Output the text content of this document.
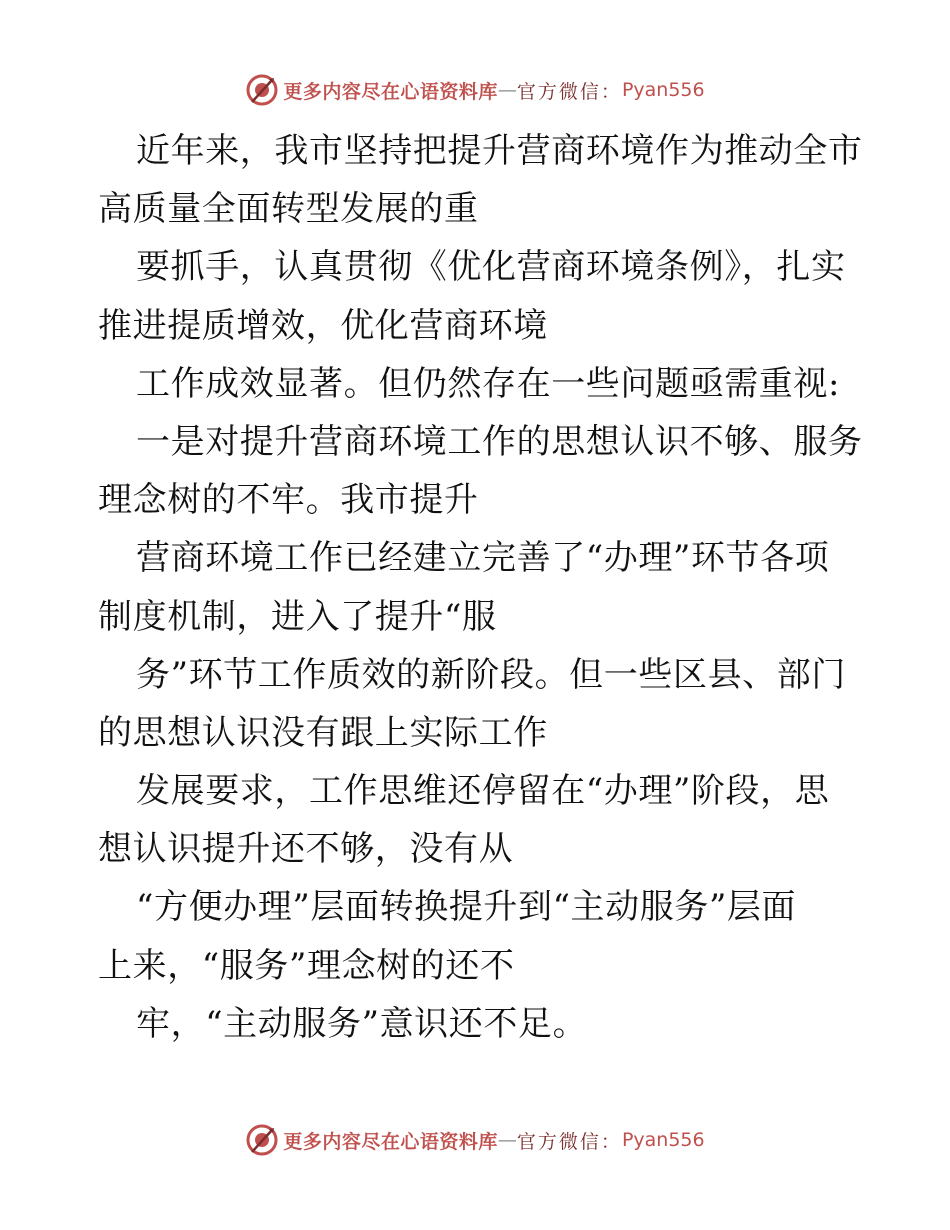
更多内容尽在心语资料库 — 官方微信： Pyan556
近年来，我市坚持把提升营商环境作为推动全市
高质量全面转型发展的重
要抓手，认真贯彻《优化营商环境条例》，扎实
推进提质增效，优化营商环境
工作成效显著。但仍然存在一些问题亟需重视:
一是对提升营商环境工作的思想认识不够、服务
理念树的不牢。我市提升
营商环境工作已经建立完善了“办理”环节各项
制度机制，进入了提升“服
务”环节工作质效的新阶段。但一些区县、部门
的思想认识没有跟上实际工作
发展要求，工作思维还停留在“办理”阶段，思
想认识提升还不够，没有从
“方便办理”层面转换提升到“主动服务”层面
上来，“服务”理念树的还不
牢，“主动服务”意识还不足。
更多内容尽在心语资料库 — 官方微信： Pyan556
